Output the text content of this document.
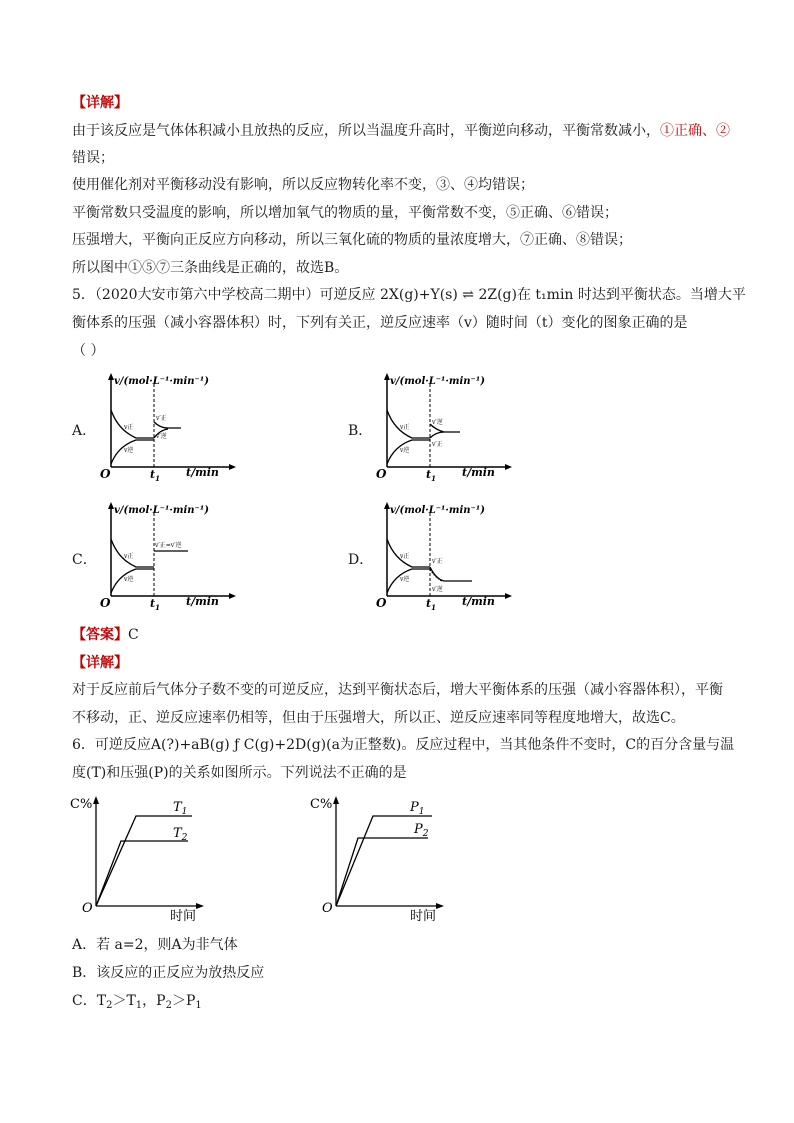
【详解】
由于该反应是气体体积减小且放热的反应，所以当温度升高时，平衡逆向移动，平衡常数减小，①正确、②
错误；
使用催化剂对平衡移动没有影响，所以反应物转化率不变，③、④均错误；
平衡常数只受温度的影响，所以增加氧气的物质的量，平衡常数不变，⑤正确、⑥错误；
压强增大，平衡向正反应方向移动，所以三氧化硫的物质的量浓度增大，⑦正确、⑧错误；
所以图中①⑤⑦三条曲线是正确的，故选B。
5．（2020大安市第六中学校高二期中）可逆反应 2X(g)+Y(s) ⇌ 2Z(g)在 t₁min 时达到平衡状态。当增大平
衡体系的压强（减小容器体积）时，下列有关正，逆反应速率（v）随时间（t）变化的图象正确的是
（ ）
A．	B．
C．	D．
v/(mol·L⁻¹·min⁻¹)
t/min
O	$t_1$
v正
v逆
v′正
v′逆
v/(mol·L⁻¹·min⁻¹)
t/min
O	$t_1$
v正
v逆
v′逆
v′正
v/(mol·L⁻¹·min⁻¹)
t/min
O	$t_1$
v正
v逆
v′正=v′逆
v/(mol·L⁻¹·min⁻¹)
t/min
O	$t_1$
v正
v逆
v′正
v′逆
【答案】C
【详解】
对于反应前后气体分子数不变的可逆反应，达到平衡状态后，增大平衡体系的压强（减小容器体积），平衡
不移动，正、逆反应速率仍相等，但由于压强增大，所以正、逆反应速率同等程度地增大，故选C。
6．可逆反应A(?)+aB(g) ƒ C(g)+2D(g)(a为正整数)。反应过程中，当其他条件不变时，C的百分含量与温
度(T)和压强(P)的关系如图所示。下列说法不正确的是
C%
时间
O
$T_1$
$T_2$
C%
时间
O
$P_1$
$P_2$
A．若 a=2，则A为非气体
B．该反应的正反应为放热反应
C．$T_2>T_1$，$P_2>P_1$
